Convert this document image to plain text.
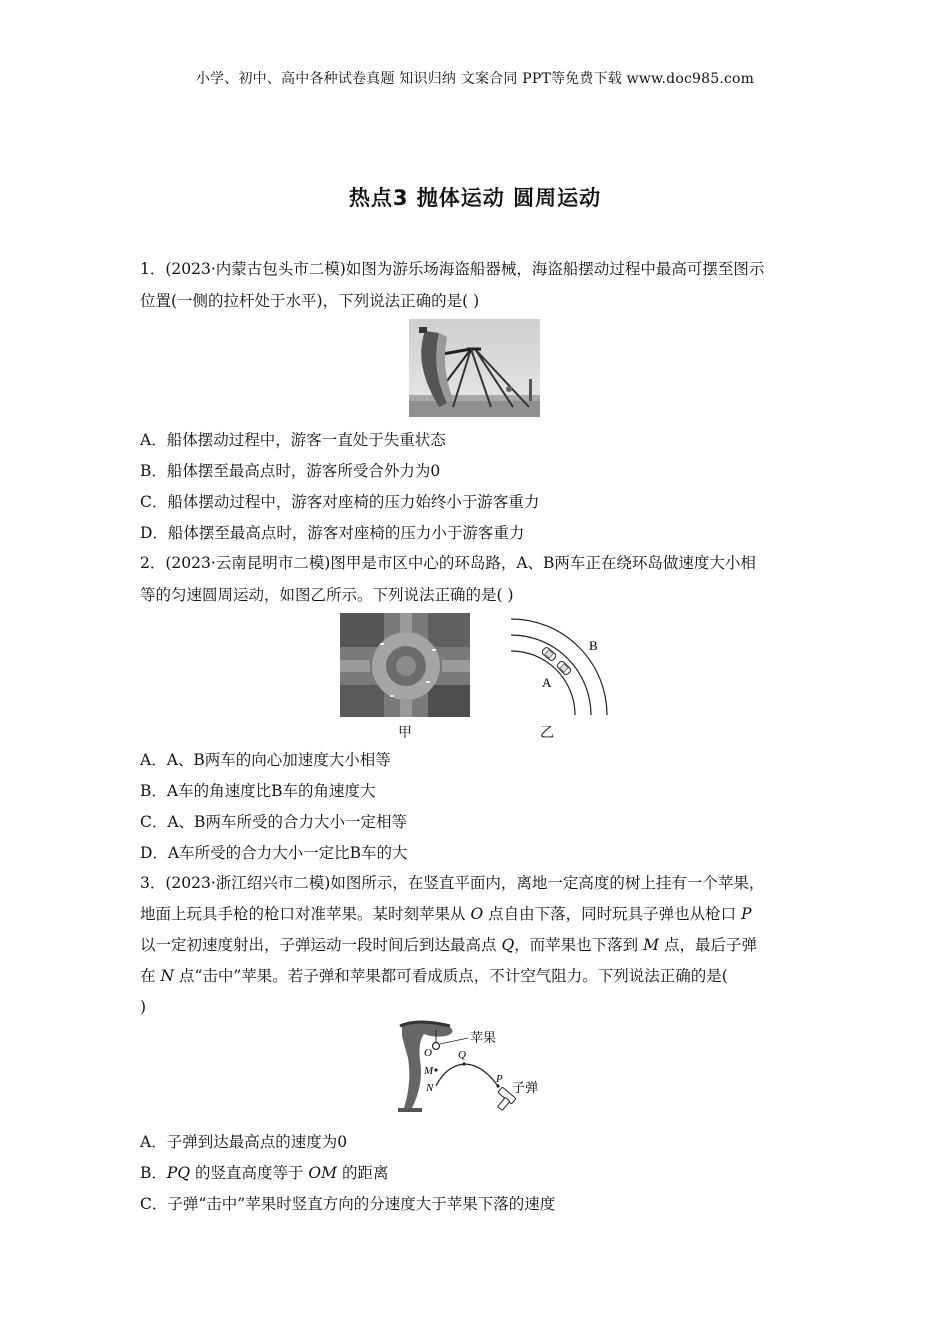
小学、初中、高中各种试卷真题 知识归纳 文案合同 PPT等免费下载 www.doc985.com
热点3 抛体运动 圆周运动
1．(2023·内蒙古包头市二模)如图为游乐场海盗船器械，海盗船摆动过程中最高可摆至图示
位置(一侧的拉杆处于水平)，下列说法正确的是( )
A．船体摆动过程中，游客一直处于失重状态
B．船体摆至最高点时，游客所受合外力为0
C．船体摆动过程中，游客对座椅的压力始终小于游客重力
D．船体摆至最高点时，游客对座椅的压力小于游客重力
2．(2023·云南昆明市二模)图甲是市区中心的环岛路，A、B两车正在绕环岛做速度大小相
等的匀速圆周运动，如图乙所示。下列说法正确的是( )
甲
B
A
乙
A．A、B两车的向心加速度大小相等
B．A车的角速度比B车的角速度大
C．A、B两车所受的合力大小一定相等
D．A车所受的合力大小一定比B车的大
3．(2023·浙江绍兴市二模)如图所示，在竖直平面内，离地一定高度的树上挂有一个苹果，
地面上玩具手枪的枪口对准苹果。某时刻苹果从 O 点自由下落，同时玩具子弹也从枪口 P
以一定初速度射出，子弹运动一段时间后到达最高点 Q，而苹果也下落到 M 点，最后子弹
在 N 点“击中”苹果。若子弹和苹果都可看成质点，不计空气阻力。下列说法正确的是(
)
苹果
O
M
N
Q
P
子弹
A．子弹到达最高点的速度为0
B．PQ 的竖直高度等于 OM 的距离
C．子弹“击中”苹果时竖直方向的分速度大于苹果下落的速度
